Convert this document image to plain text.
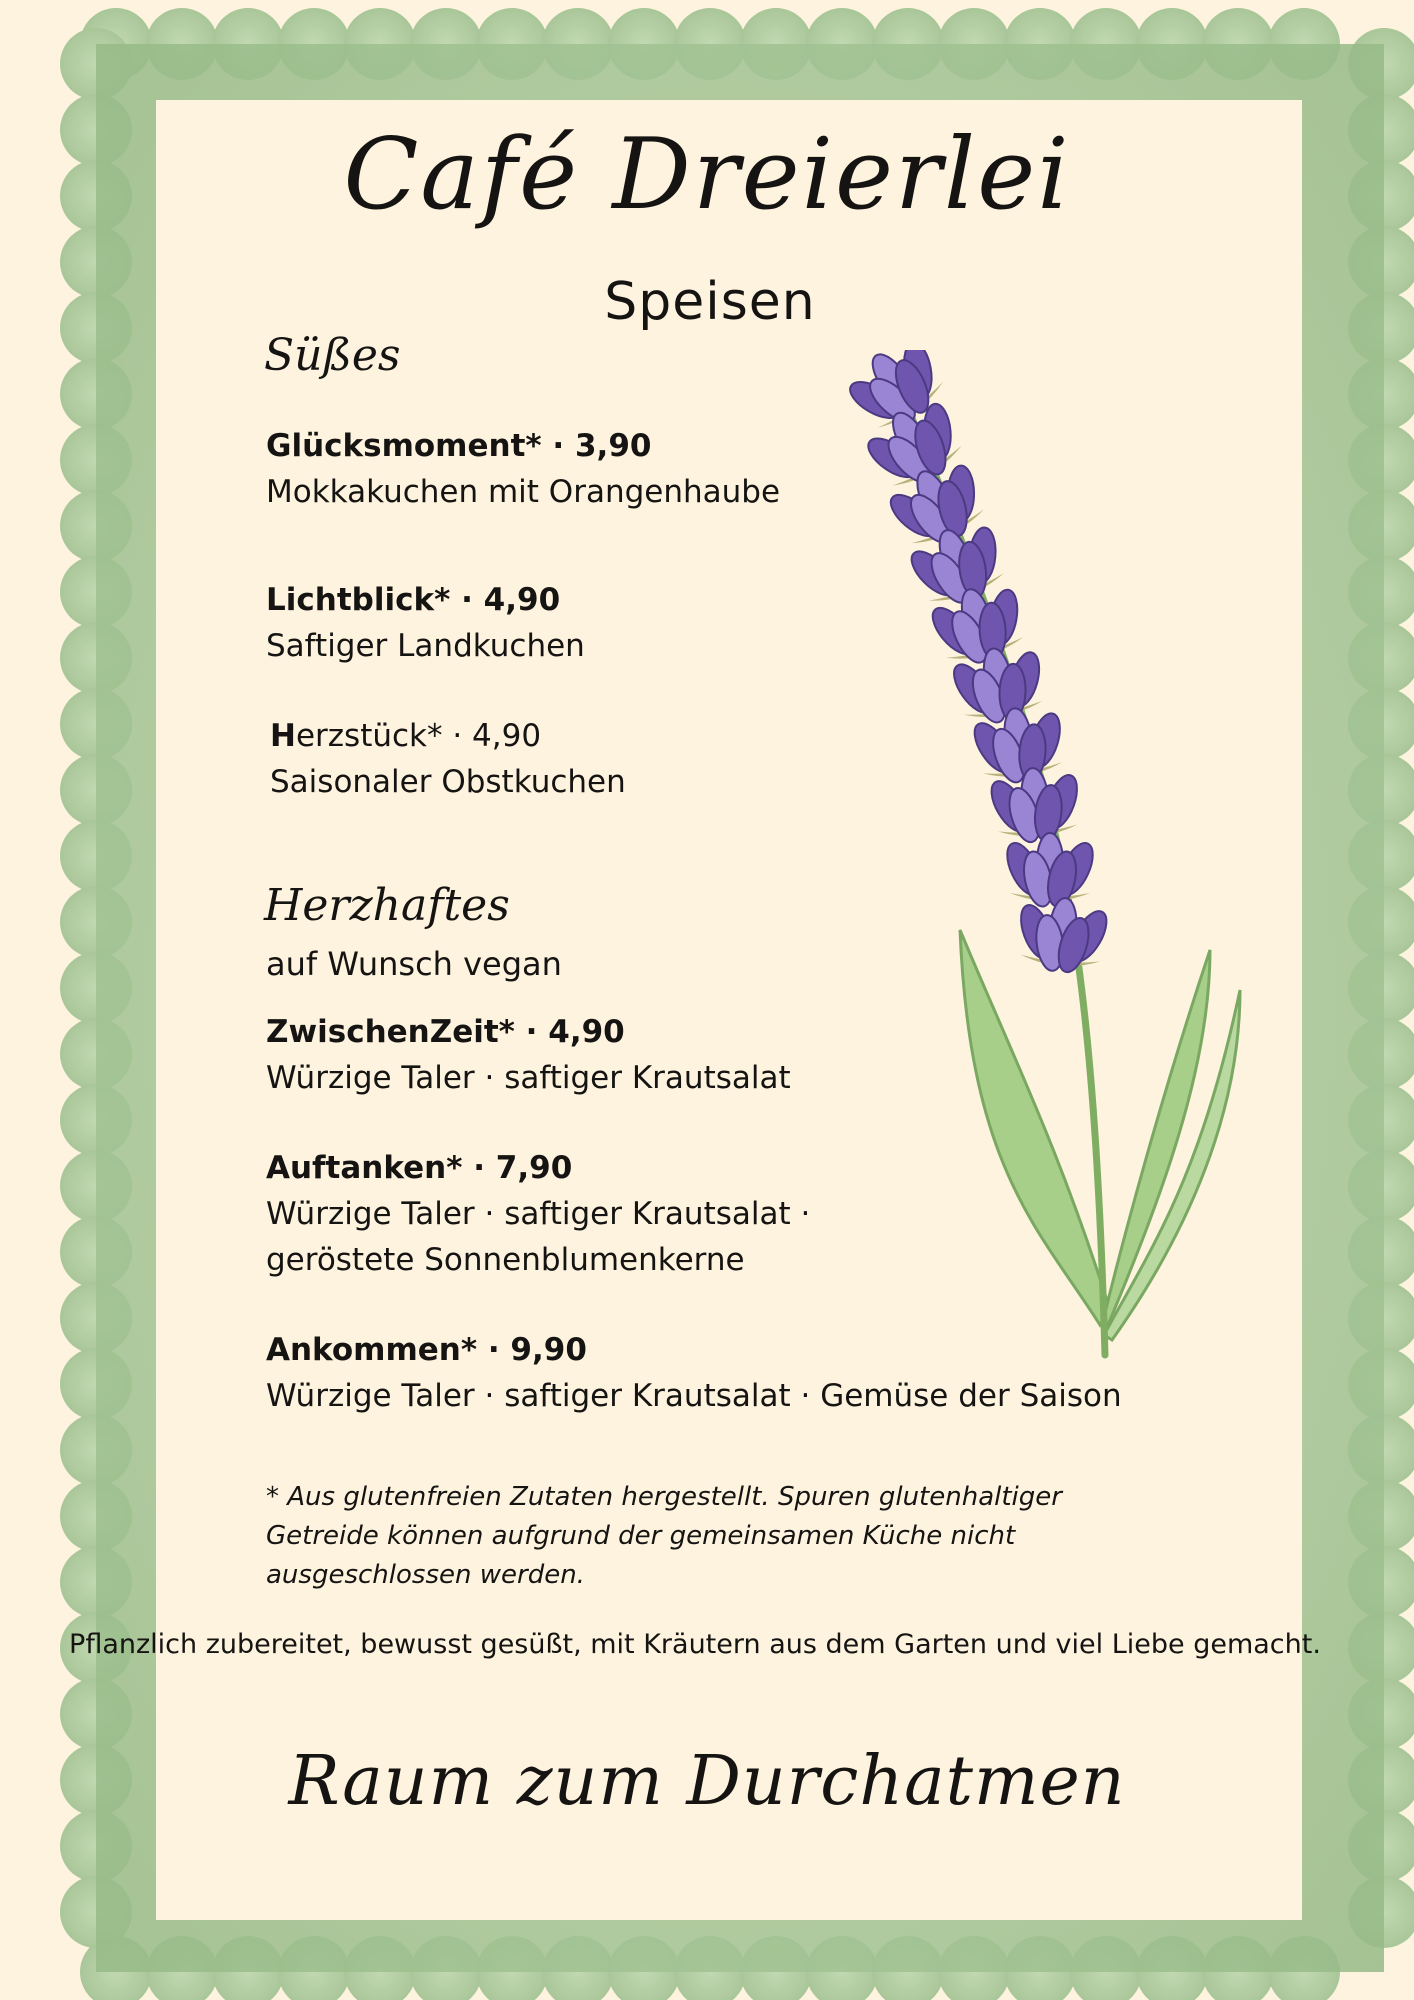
Café Dreierlei
Speisen
Süßes
Glücksmoment* · 3,90
Mokkakuchen mit Orangenhaube
Lichtblick* · 4,90
Saftiger Landkuchen
Herzstück* · 4,90
Saisonaler Obstkuchen
Herzhaftes
auf Wunsch vegan
ZwischenZeit* · 4,90
Würzige Taler · saftiger Krautsalat
Auftanken* · 7,90
Würzige Taler · saftiger Krautsalat ·
geröstete Sonnenblumenkerne
Ankommen* · 9,90
Würzige Taler · saftiger Krautsalat · Gemüse der Saison
* Aus glutenfreien Zutaten hergestellt. Spuren glutenhaltiger Getreide können aufgrund der gemeinsamen Küche nicht ausgeschlossen werden.
Pflanzlich zubereitet, bewusst gesüßt, mit Kräutern aus dem Garten und viel Liebe gemacht.
Raum zum Durchatmen
